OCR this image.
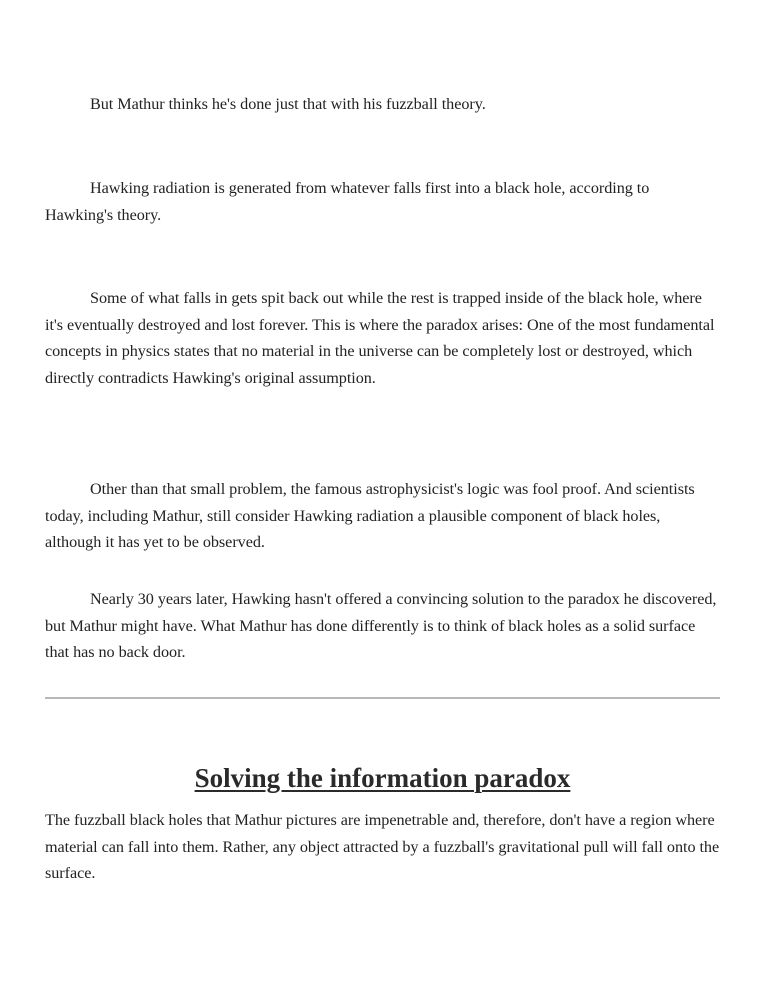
But Mathur thinks he's done just that with his fuzzball theory.

Hawking radiation is generated from whatever falls first into a black hole, according to Hawking's theory.

Some of what falls in gets spit back out while the rest is trapped inside of the black hole, where it's eventually destroyed and lost forever. This is where the paradox arises: One of the most fundamental concepts in physics states that no material in the universe can be completely lost or destroyed, which directly contradicts Hawking's original assumption.

Other than that small problem, the famous astrophysicist's logic was fool proof. And scientists today, including Mathur, still consider Hawking radiation a plausible component of black holes, although it has yet to be observed.

Nearly 30 years later, Hawking hasn't offered a convincing solution to the paradox he discovered, but Mathur might have. What Mathur has done differently is to think of black holes as a solid surface that has no back door.

Solving the information paradox

The fuzzball black holes that Mathur pictures are impenetrable and, therefore, don't have a region where material can fall into them. Rather, any object attracted by a fuzzball's gravitational pull will fall onto the surface.
